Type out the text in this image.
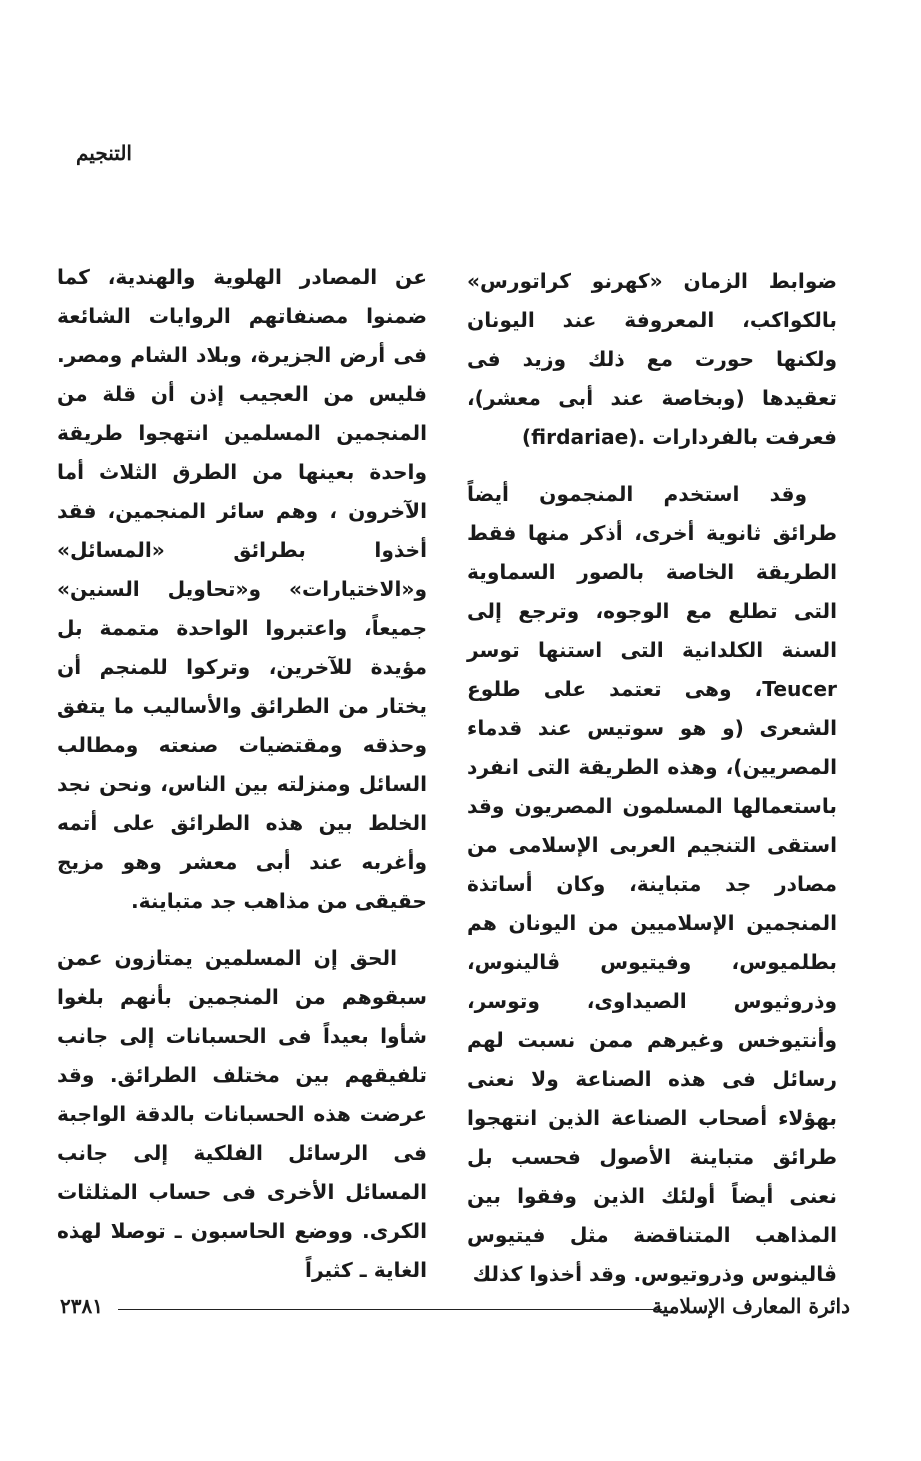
التنجيم

ضوابط الزمان «كهرنو كراتورس» بالكواكب، المعروفة عند اليونان ولكنها حورت مع ذلك وزيد فى تعقيدها (وبخاصة عند أبى معشر)، فعرفت بالفردارات (firdariae).

وقد استخدم المنجمون أيضاً طرائق ثانوية أخرى، أذكر منها فقط الطريقة الخاصة بالصور السماوية التى تطلع مع الوجوه، وترجع إلى السنة الكلدانية التى استنها توسر Teucer، وهى تعتمد على طلوع الشعرى (و هو سوتيس عند قدماء المصريين)، وهذه الطريقة التى انفرد باستعمالها المسلمون المصريون وقد استقى التنجيم العربى الإسلامى من مصادر جد متباينة، وكان أساتذة المنجمين الإسلاميين من اليونان هم بطلميوس، وفيتيوس ڤالينوس، وذروثيوس الصيداوى، وتوسر، وأنتيوخس وغيرهم ممن نسبت لهم رسائل فى هذه الصناعة ولا نعنى بهؤلاء أصحاب الصناعة الذين انتهجوا طرائق متباينة الأصول فحسب بل نعنى أيضاً أولئك الذين وفقوا بين المذاهب المتناقضة مثل فيتيوس ڤالينوس وذروتيوس. وقد أخذوا كذلك

عن المصادر الهلوية والهندية، كما ضمنوا مصنفاتهم الروايات الشائعة فى أرض الجزيرة، وبلاد الشام ومصر. فليس من العجيب إذن أن قلة من المنجمين المسلمين انتهجوا طريقة واحدة بعينها من الطرق الثلاث أما الآخرون ، وهم سائر المنجمين، فقد أخذوا بطرائق «المسائل» و«الاختيارات» و«تحاويل السنين» جميعاً، واعتبروا الواحدة متممة بل مؤيدة للآخرين، وتركوا للمنجم أن يختار من الطرائق والأساليب ما يتفق وحذقه ومقتضيات صنعته ومطالب السائل ومنزلته بين الناس، ونحن نجد الخلط بين هذه الطرائق على أتمه وأغربه عند أبى معشر وهو مزيج حقيقى من مذاهب جد متباينة.

الحق إن المسلمين يمتازون عمن سبقوهم من المنجمين بأنهم بلغوا شأوا بعيداً فى الحسبانات إلى جانب تلفيقهم بين مختلف الطرائق. وقد عرضت هذه الحسبانات بالدقة الواجبة فى الرسائل الفلكية إلى جانب المسائل الأخرى فى حساب المثلثات الكرى. ووضع الحاسبون ـ توصلا لهذه الغاية ـ كثيراً

دائرة المعارف الإسلامية
٢٣٨١
